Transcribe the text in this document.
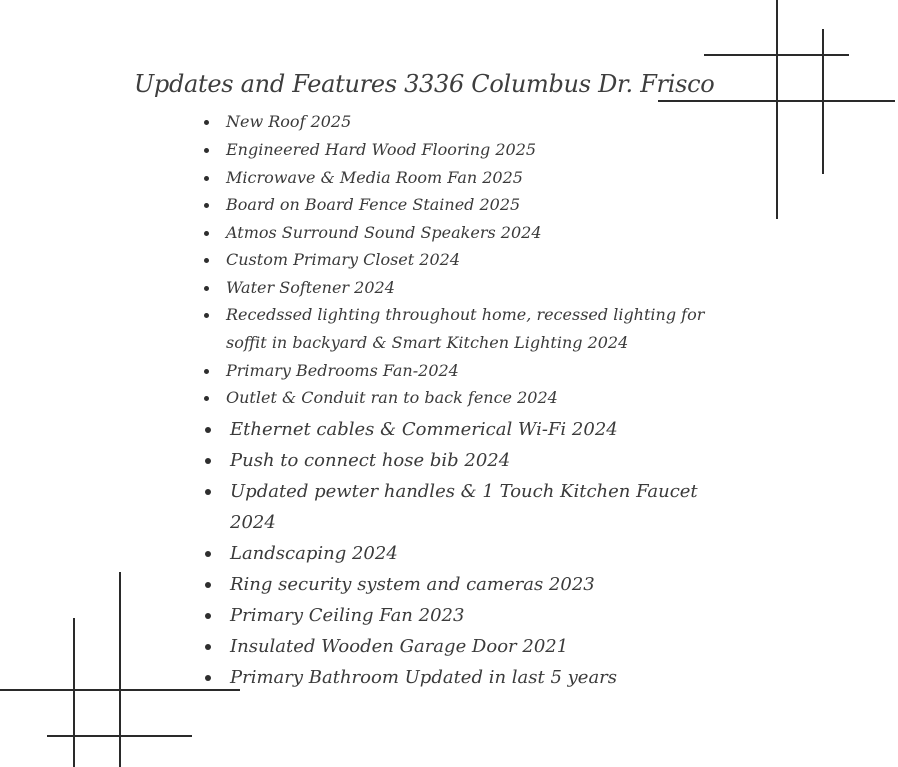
Updates and Features 3336 Columbus Dr. Frisco
New Roof 2025
Engineered Hard Wood Flooring 2025
Microwave & Media Room Fan 2025
Board on Board Fence Stained 2025
Atmos Surround Sound Speakers 2024
Custom Primary Closet 2024
Water Softener 2024
Recedssed lighting throughout home, recessed lighting for
soffit in backyard & Smart Kitchen Lighting 2024
Primary Bedrooms Fan-2024
Outlet & Conduit ran to back fence 2024
Ethernet cables & Commerical Wi-Fi 2024
Push to connect hose bib 2024
Updated pewter handles & 1 Touch Kitchen Faucet
2024
Landscaping 2024
Ring security system and cameras 2023
Primary Ceiling Fan 2023
Insulated Wooden Garage Door 2021
Primary Bathroom Updated in last 5 years
